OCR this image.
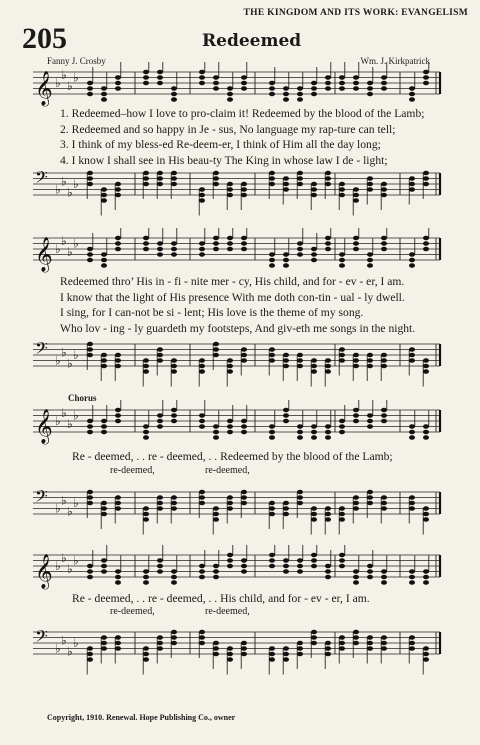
THE KINGDOM AND ITS WORK: EVANGELISM
205	Redeemed
Fanny J. Crosby	Wm. J. Kirkpatrick
𝄞 ♭
♭
♭
♭
1. Redeemed–how I love to pro-claim it! Redeemed by the blood of the Lamb;
2. Redeemed and so happy in Je - sus, No language my rap-ture can tell;
3. I think of my bless-ed Re-deem-er, I think of Him all the day long;
4. I know I shall see in His beau-ty The King in whose law I de - light;
𝄢 ♭
♭
♭
♭
𝄞 ♭
♭
♭
♭
Redeemed thro’ His in - fi - nite mer - cy, His child, and for - ev - er, I am.
I know that the light of His presence With me doth con-tin - ual - ly dwell.
I sing, for I can-not be si - lent; His love is the theme of my song.
Who lov - ing - ly guardeth my footsteps, And giv-eth me songs in the night.
𝄢 ♭
♭
♭
♭
Chorus
𝄞 ♭
♭
♭
♭
Re - deemed, . . re - deemed, . . Redeemed by the blood of the Lamb;
re-deemed,	re-deemed,
𝄢 ♭
♭
♭
♭
𝄞 ♭
♭
♭
♭
Re - deemed, . . re - deemed, . . His child, and for - ev - er, I am.
re-deemed,	re-deemed,
𝄢 ♭
♭
♭
♭
Copyright, 1910. Renewal. Hope Publishing Co., owner
